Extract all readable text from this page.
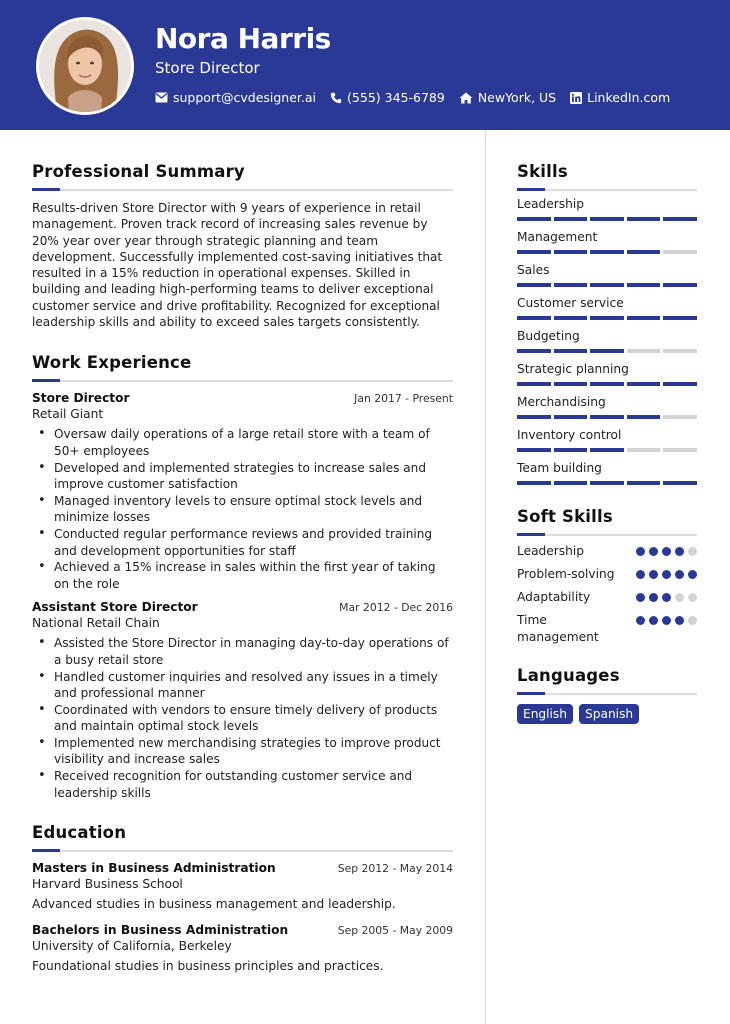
Nora Harris
Store Director
support@cvdesigner.ai (555) 345-6789	NewYork, US LinkedIn.com
Professional Summary

Results-driven Store Director with 9 years of experience in retail management. Proven track record of increasing sales revenue by 20% year over year through strategic planning and team development. Successfully implemented cost-saving initiatives that resulted in a 15% reduction in operational expenses. Skilled in building and leading high-performing teams to deliver exceptional customer service and drive profitability. Recognized for exceptional leadership skills and ability to exceed sales targets consistently.

Work Experience
Store Director	Jan 2017 - Present
Retail Giant
• Oversaw daily operations of a large retail store with a team of 50+ employees
• Developed and implemented strategies to increase sales and improve customer satisfaction
• Managed inventory levels to ensure optimal stock levels and minimize losses
• Conducted regular performance reviews and provided training and development opportunities for staff
• Achieved a 15% increase in sales within the first year of taking on the role
Assistant Store Director	Mar 2012 - Dec 2016
National Retail Chain
• Assisted the Store Director in managing day-to-day operations of a busy retail store
• Handled customer inquiries and resolved any issues in a timely and professional manner
• Coordinated with vendors to ensure timely delivery of products and maintain optimal stock levels
• Implemented new merchandising strategies to improve product visibility and increase sales
• Received recognition for outstanding customer service and leadership skills
Education
Masters in Business Administration	Sep 2012 - May 2014
Harvard Business School
Advanced studies in business management and leadership.
Bachelors in Business Administration	Sep 2005 - May 2009
University of California, Berkeley
Foundational studies in business principles and practices.
Skills
Leadership
Management
Sales
Customer service
Budgeting
Strategic planning
Merchandising
Inventory control
Team building
Soft Skills
Leadership
Problem-solving
Adaptability
Time management
Languages
English	Spanish
